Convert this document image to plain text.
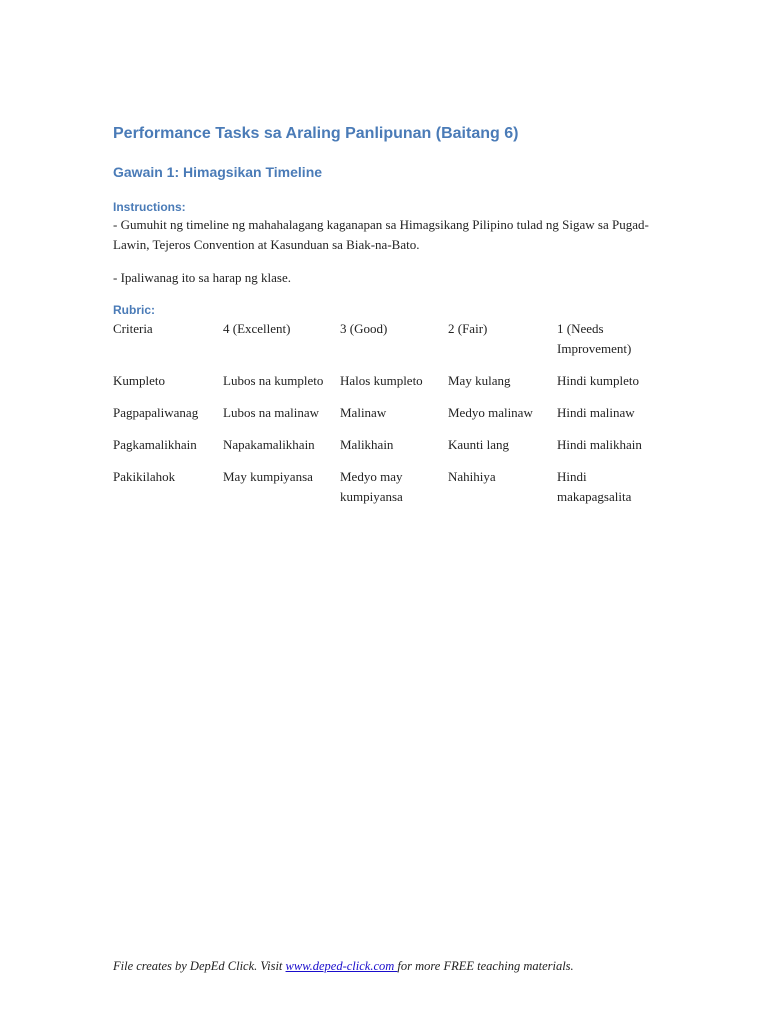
Performance Tasks sa Araling Panlipunan (Baitang 6)
Gawain 1: Himagsikan Timeline
Instructions:
- Gumuhit ng timeline ng mahahalagang kaganapan sa Himagsikang Pilipino tulad ng Sigaw sa Pugad-Lawin, Tejeros Convention at Kasunduan sa Biak-na-Bato.
- Ipaliwanag ito sa harap ng klase.
Rubric:
Criteria	4 (Excellent)	3 (Good)	2 (Fair)	1 (Needs Improvement)
Kumpleto	Lubos na kumpleto	Halos kumpleto	May kulang	Hindi kumpleto
Pagpapaliwanag	Lubos na malinaw	Malinaw	Medyo malinaw	Hindi malinaw
Pagkamalikhain	Napakamalikhain	Malikhain	Kaunti lang	Hindi malikhain
Pakikilahok	May kumpiyansa	Medyo may kumpiyansa	Nahihiya	Hindi makapagsalita
File creates by DepEd Click. Visit www.deped-click.com for more FREE teaching materials.
